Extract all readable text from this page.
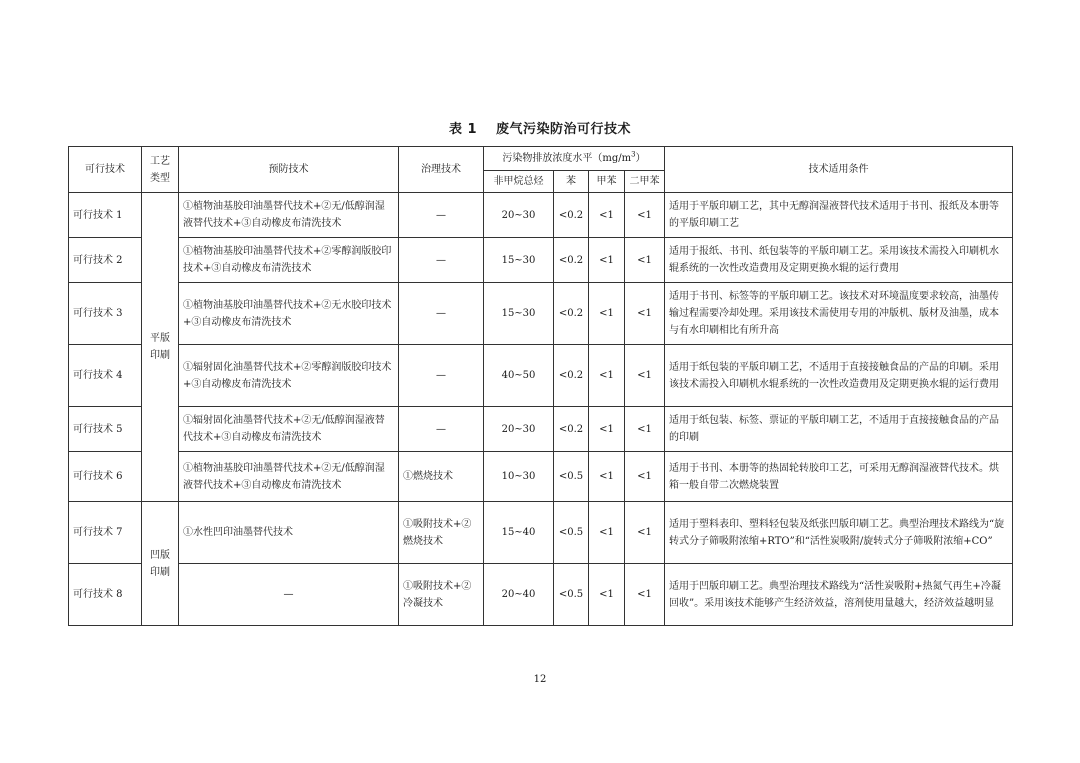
表 1 废气污染防治可行技术
可行技术	工艺类型	预防技术	治理技术	污染物排放浓度水平$(mg/m^3)$				技术适用条件
				非甲烷总烃	苯	甲苯	二甲苯	
可行技术 1	平版印刷	①植物油基胶印油墨替代技术+②无/低醇润湿液替代技术+③自动橡皮布清洗技术	—	20~30	<0.2	<1	<1	适用于平版印刷工艺，其中无醇润湿液替代技术适用于书刊、报纸及本册等的平版印刷工艺
可行技术 2		①植物油基胶印油墨替代技术+②零醇润版胶印技术+③自动橡皮布清洗技术	—	15~30	<0.2	<1	<1	适用于报纸、书刊、纸包装等的平版印刷工艺。采用该技术需投入印刷机水辊系统的一次性改造费用及定期更换水辊的运行费用
可行技术 3		①植物油基胶印油墨替代技术+②无水胶印技术+③自动橡皮布清洗技术	—	15~30	<0.2	<1	<1	适用于书刊、标签等的平版印刷工艺。该技术对环境温度要求较高，油墨传输过程需要冷却处理。采用该技术需使用专用的冲版机、版材及油墨，成本与有水印刷相比有所升高
可行技术 4		①辐射固化油墨替代技术+②零醇润版胶印技术+③自动橡皮布清洗技术	—	40~50	<0.2	<1	<1	适用于纸包装的平版印刷工艺，不适用于直接接触食品的产品的印刷。采用该技术需投入印刷机水辊系统的一次性改造费用及定期更换水辊的运行费用
可行技术 5		①辐射固化油墨替代技术+②无/低醇润湿液替代技术+③自动橡皮布清洗技术	—	20~30	<0.2	<1	<1	适用于纸包装、标签、票证的平版印刷工艺，不适用于直接接触食品的产品的印刷
可行技术 6		①植物油基胶印油墨替代技术+②无/低醇润湿液替代技术+③自动橡皮布清洗技术	①燃烧技术	10~30	<0.5	<1	<1	适用于书刊、本册等的热固轮转胶印工艺，可采用无醇润湿液替代技术。烘箱一般自带二次燃烧装置
可行技术 7	凹版印刷	①水性凹印油墨替代技术	①吸附技术+②燃烧技术	15~40	<0.5	<1	<1	适用于塑料表印、塑料轻包装及纸张凹版印刷工艺。典型治理技术路线为“旋转式分子筛吸附浓缩+RTO”和“活性炭吸附/旋转式分子筛吸附浓缩+CO”
可行技术 8		—	①吸附技术+②冷凝技术	20~40	<0.5	<1	<1	适用于凹版印刷工艺。典型治理技术路线为“活性炭吸附+热氮气再生+冷凝回收”。采用该技术能够产生经济效益，溶剂使用量越大，经济效益越明显
12
